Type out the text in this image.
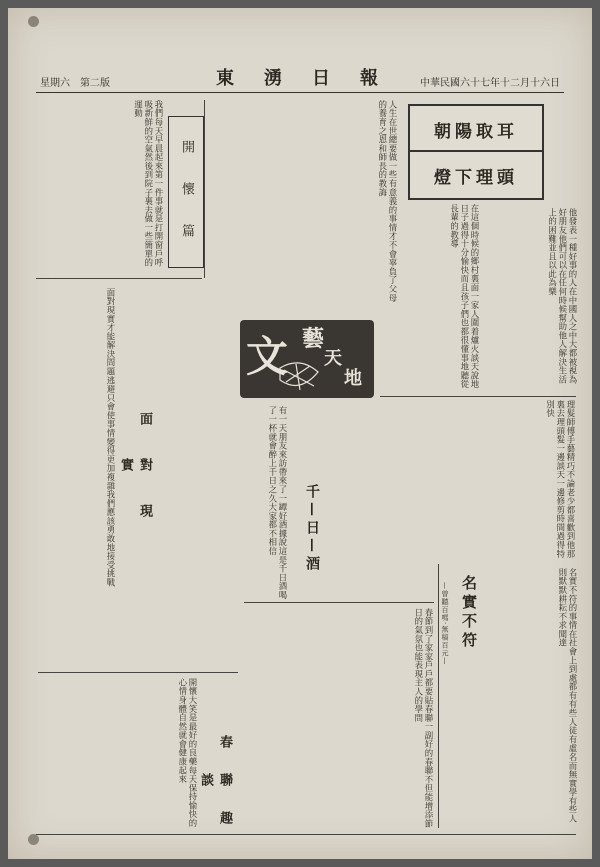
星期六　第二版	東　湧　日　報	中華民國六十七年十二月十六日
朝陽取耳
燈下理頭
開　懷　篇
文 藝
天
地
面　對　現　實
千—日—酒
名實不符
—曾聽百嗎‧無稿百元—
春　聯　趣　談
他發表一種好事的人在中國人之中大都被視為好朋友他們可以在任何時候幫助他人解決生活上的困難並且以此為樂
在這個時候的鄉村裏面一家人圍着爐火談天說地日子過得十分愉快而且孩子們也都很懂事地聽從長輩的教導
人生在世總要做一些有意義的事情才不會辜負了父母的養育之恩和師長的教誨
我們每天早晨起來第一件事就是打開窗戶呼吸新鮮的空氣然後到院子裏去做一些簡單的運動
理髮師傅手藝精巧不論老少都喜歡到他那裏去理頭髮一邊談天一邊修剪時間過得特別快
有一天朋友來訪帶來了一罈好酒據說這是千日酒喝了一杯就會醉上千日之久大家都不相信
名實不符的事情在社會上到處都有有些人徒有虛名而無實學有些人則默默耕耘不求聞達
春節到了家家戶戶都要貼春聯一副好的春聯不但能增添節日的氣氛也能表現主人的學問
面對現實才能解決問題逃避只會使事情變得更加複雜我們應該勇敢地接受挑戰
開懷大笑是最好的良藥每天保持愉快的心情身體自然就會健康起來
